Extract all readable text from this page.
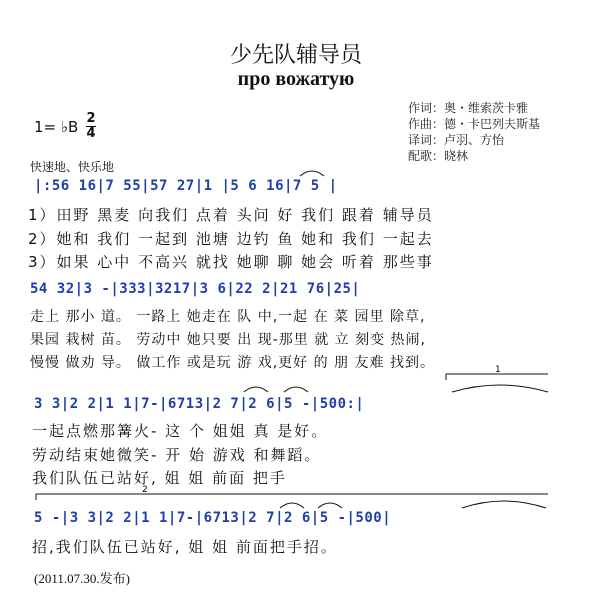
少先队辅导员
про вожатую
1= ♭B 2
4
作词：奥・维索茨卡雅
作曲：德・卡巴列夫斯基
译词：卢羽、方怡
配歌：晓林
快速地、快乐地
|:56 16|7 55|57 27|1 |5 6 16|7 5 |
1）田野 黑麦 向我们 点着 头问 好 我们 跟着 辅导员
2）她和 我们 一起到 池塘 边钓 鱼 她和 我们 一起去
3）如果 心中 不高兴 就找 她聊 聊 她会 听着 那些事
54 32|3 -|333|3217|3 6|22 2|21 76|25|
走上 那小 道。 一路上 她走在 队 中,一起 在 菜 园里 除草,
果园 栽树 苗。 劳动中 她只要 出 现-那里 就 立 刻变 热闹,
慢慢 做劝 导。 做工作 或是玩 游 戏,更好 的 朋 友难 找到。
3 3|2 2|1 1|7-|6713|2 7|2 6|5 -|500:|
一起点燃那篝火- 这 个 姐姐 真 是好。
劳动结束她微笑- 开 始 游戏 和舞蹈。
我们队伍已站好, 姐 姐 前面 把手
5 -|3 3|2 2|1 1|7-|6713|2 7|2 6|5 -|500|
招,我们队伍已站好, 姐 姐 前面把手招。
(2011.07.30.发布)
1
2
